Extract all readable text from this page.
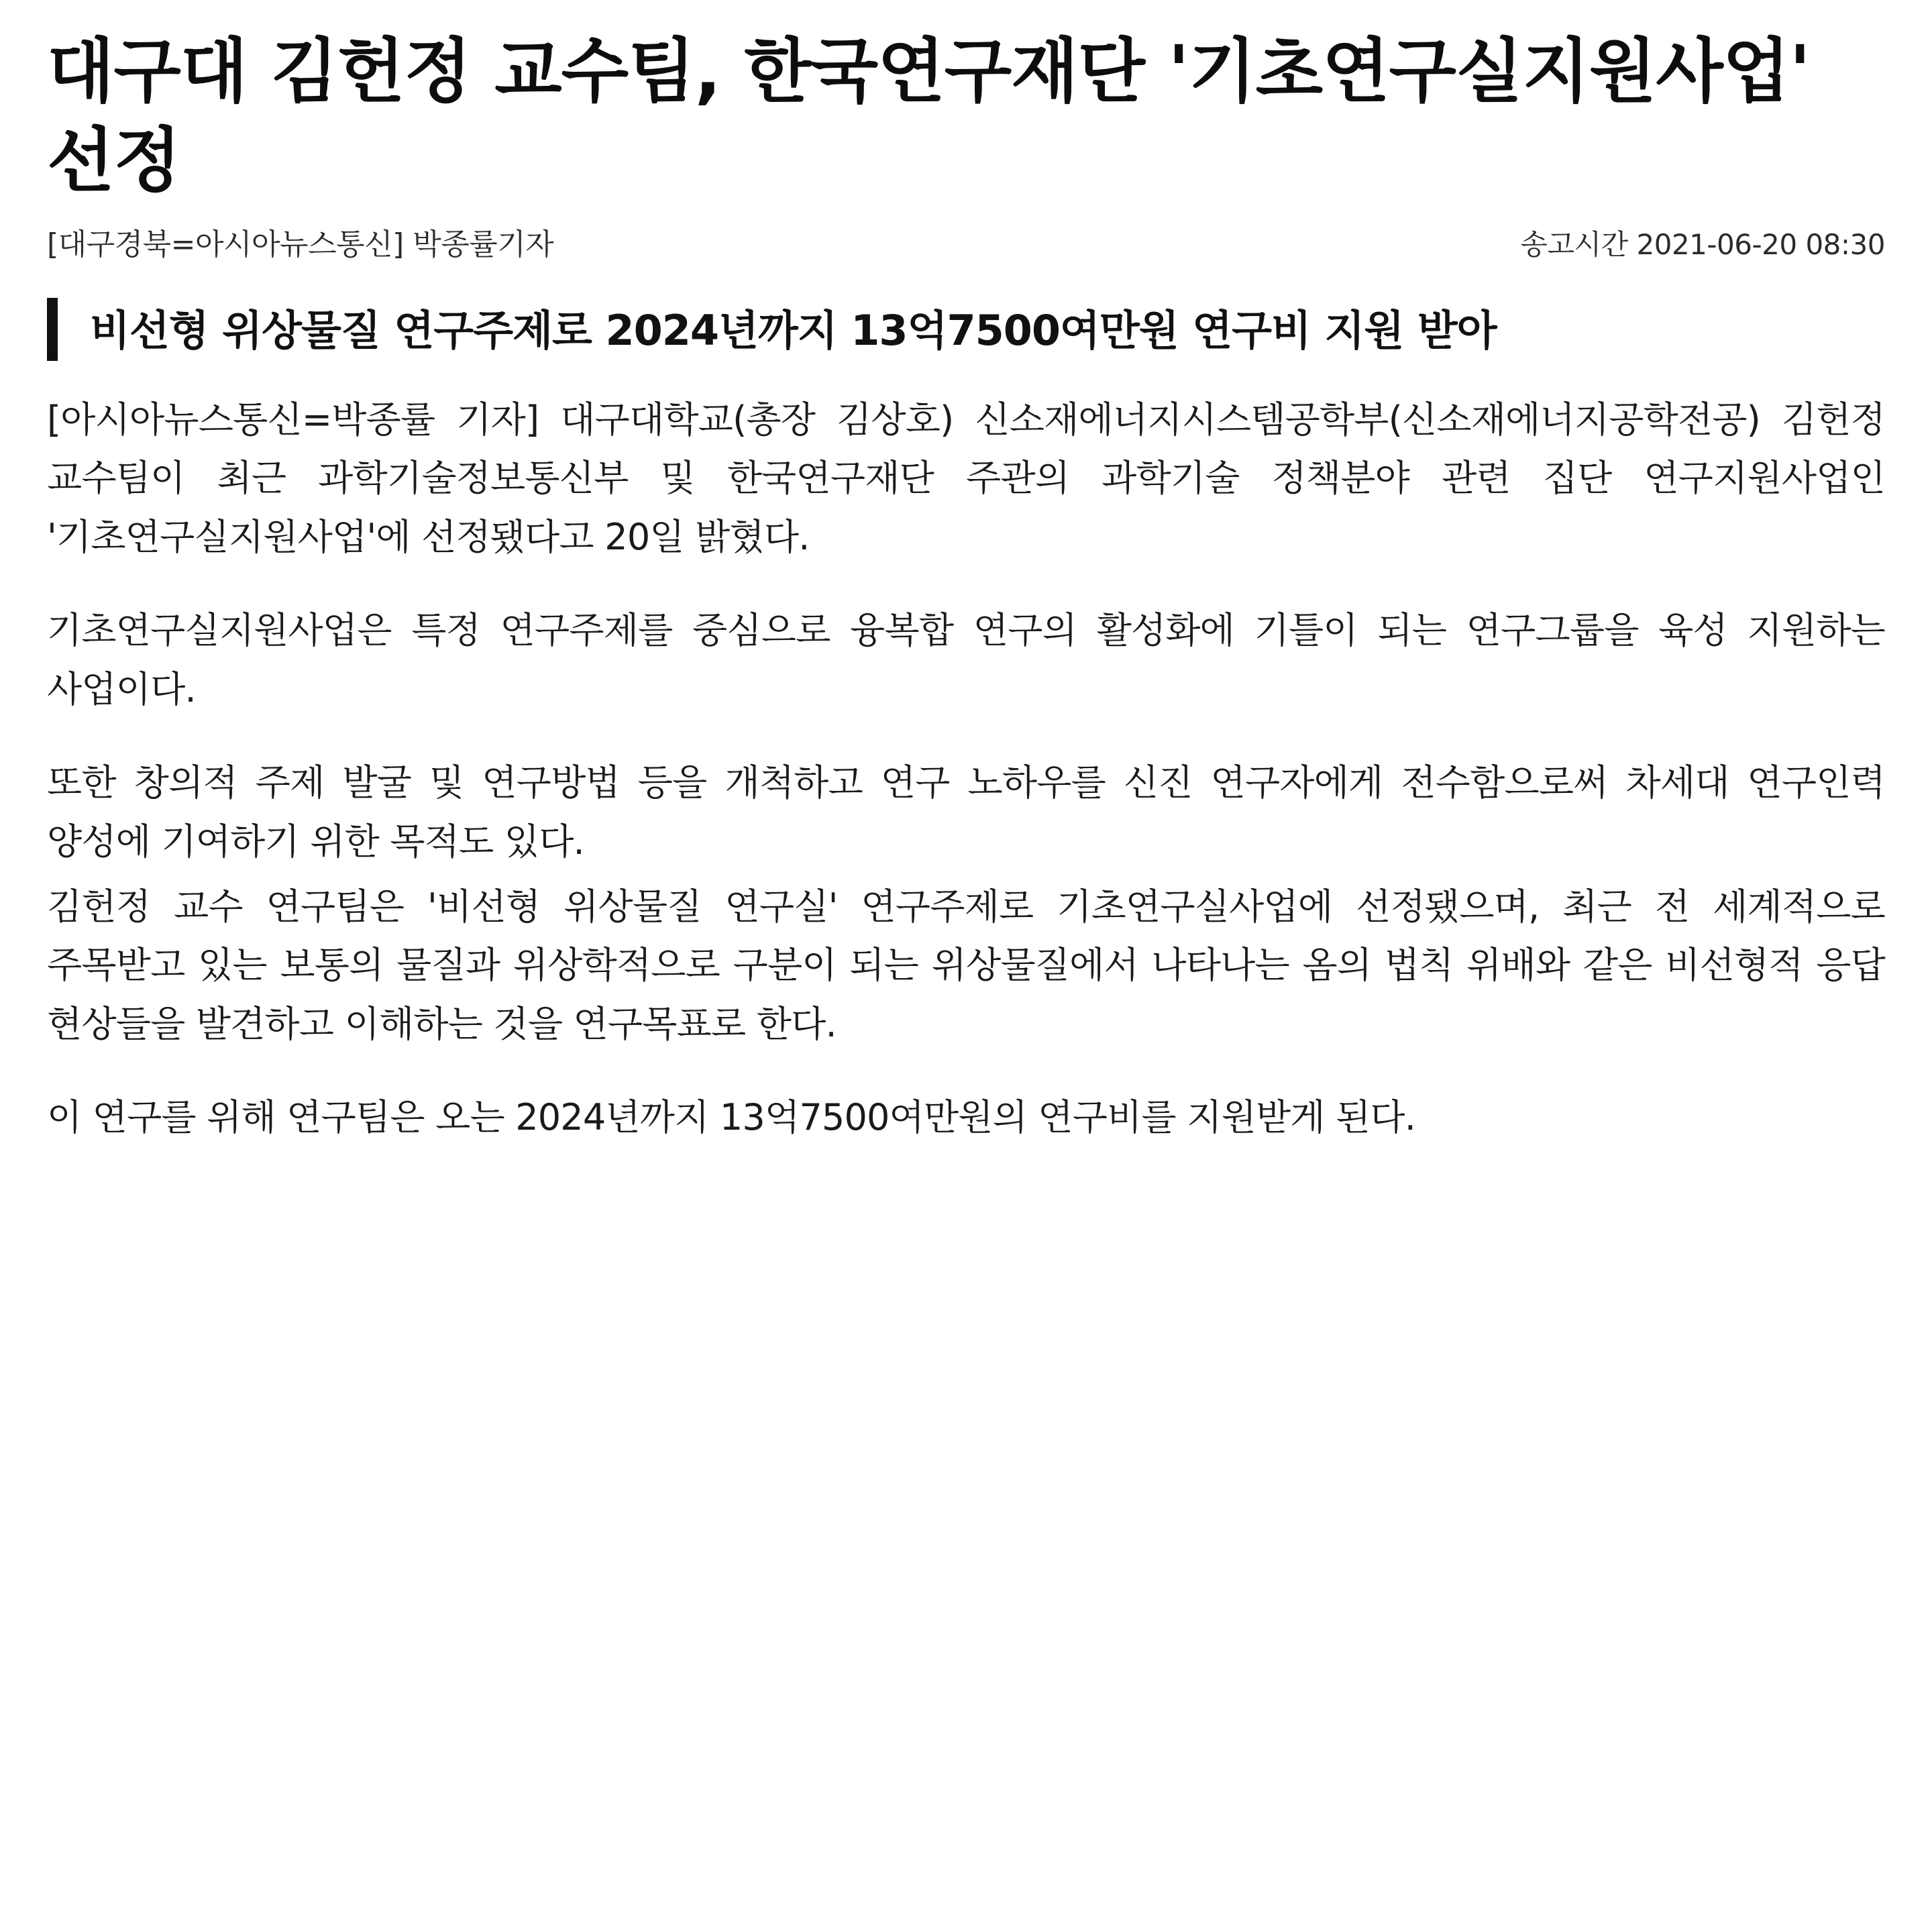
대구대 김헌정 교수팀, 한국연구재단 '기초연구실지원사업' 선정
[대구경북=아시아뉴스통신] 박종률기자	송고시간 2021-06-20 08:30
비선형 위상물질 연구주제로 2024년까지 13억7500여만원 연구비 지원 받아

[아시아뉴스통신=박종률 기자] 대구대학교(총장 김상호) 신소재에너지시스템공학부(신소재에너지공학전공) 김헌정 교수팀이 최근 과학기술정보통신부 및 한국연구재단 주관의 과학기술 정책분야 관련 집단 연구지원사업인 '기초연구실지원사업'에 선정됐다고 20일 밝혔다.

기초연구실지원사업은 특정 연구주제를 중심으로 융복합 연구의 활성화에 기틀이 되는 연구그룹을 육성 지원하는 사업이다.

또한 창의적 주제 발굴 및 연구방법 등을 개척하고 연구 노하우를 신진 연구자에게 전수함으로써 차세대 연구인력 양성에 기여하기 위한 목적도 있다.

김헌정 교수 연구팀은 '비선형 위상물질 연구실' 연구주제로 기초연구실사업에 선정됐으며, 최근 전 세계적으로 주목받고 있는 보통의 물질과 위상학적으로 구분이 되는 위상물질에서 나타나는 옴의 법칙 위배와 같은 비선형적 응답 현상들을 발견하고 이해하는 것을 연구목표로 한다.

이 연구를 위해 연구팀은 오는 2024년까지 13억7500여만원의 연구비를 지원받게 된다.
